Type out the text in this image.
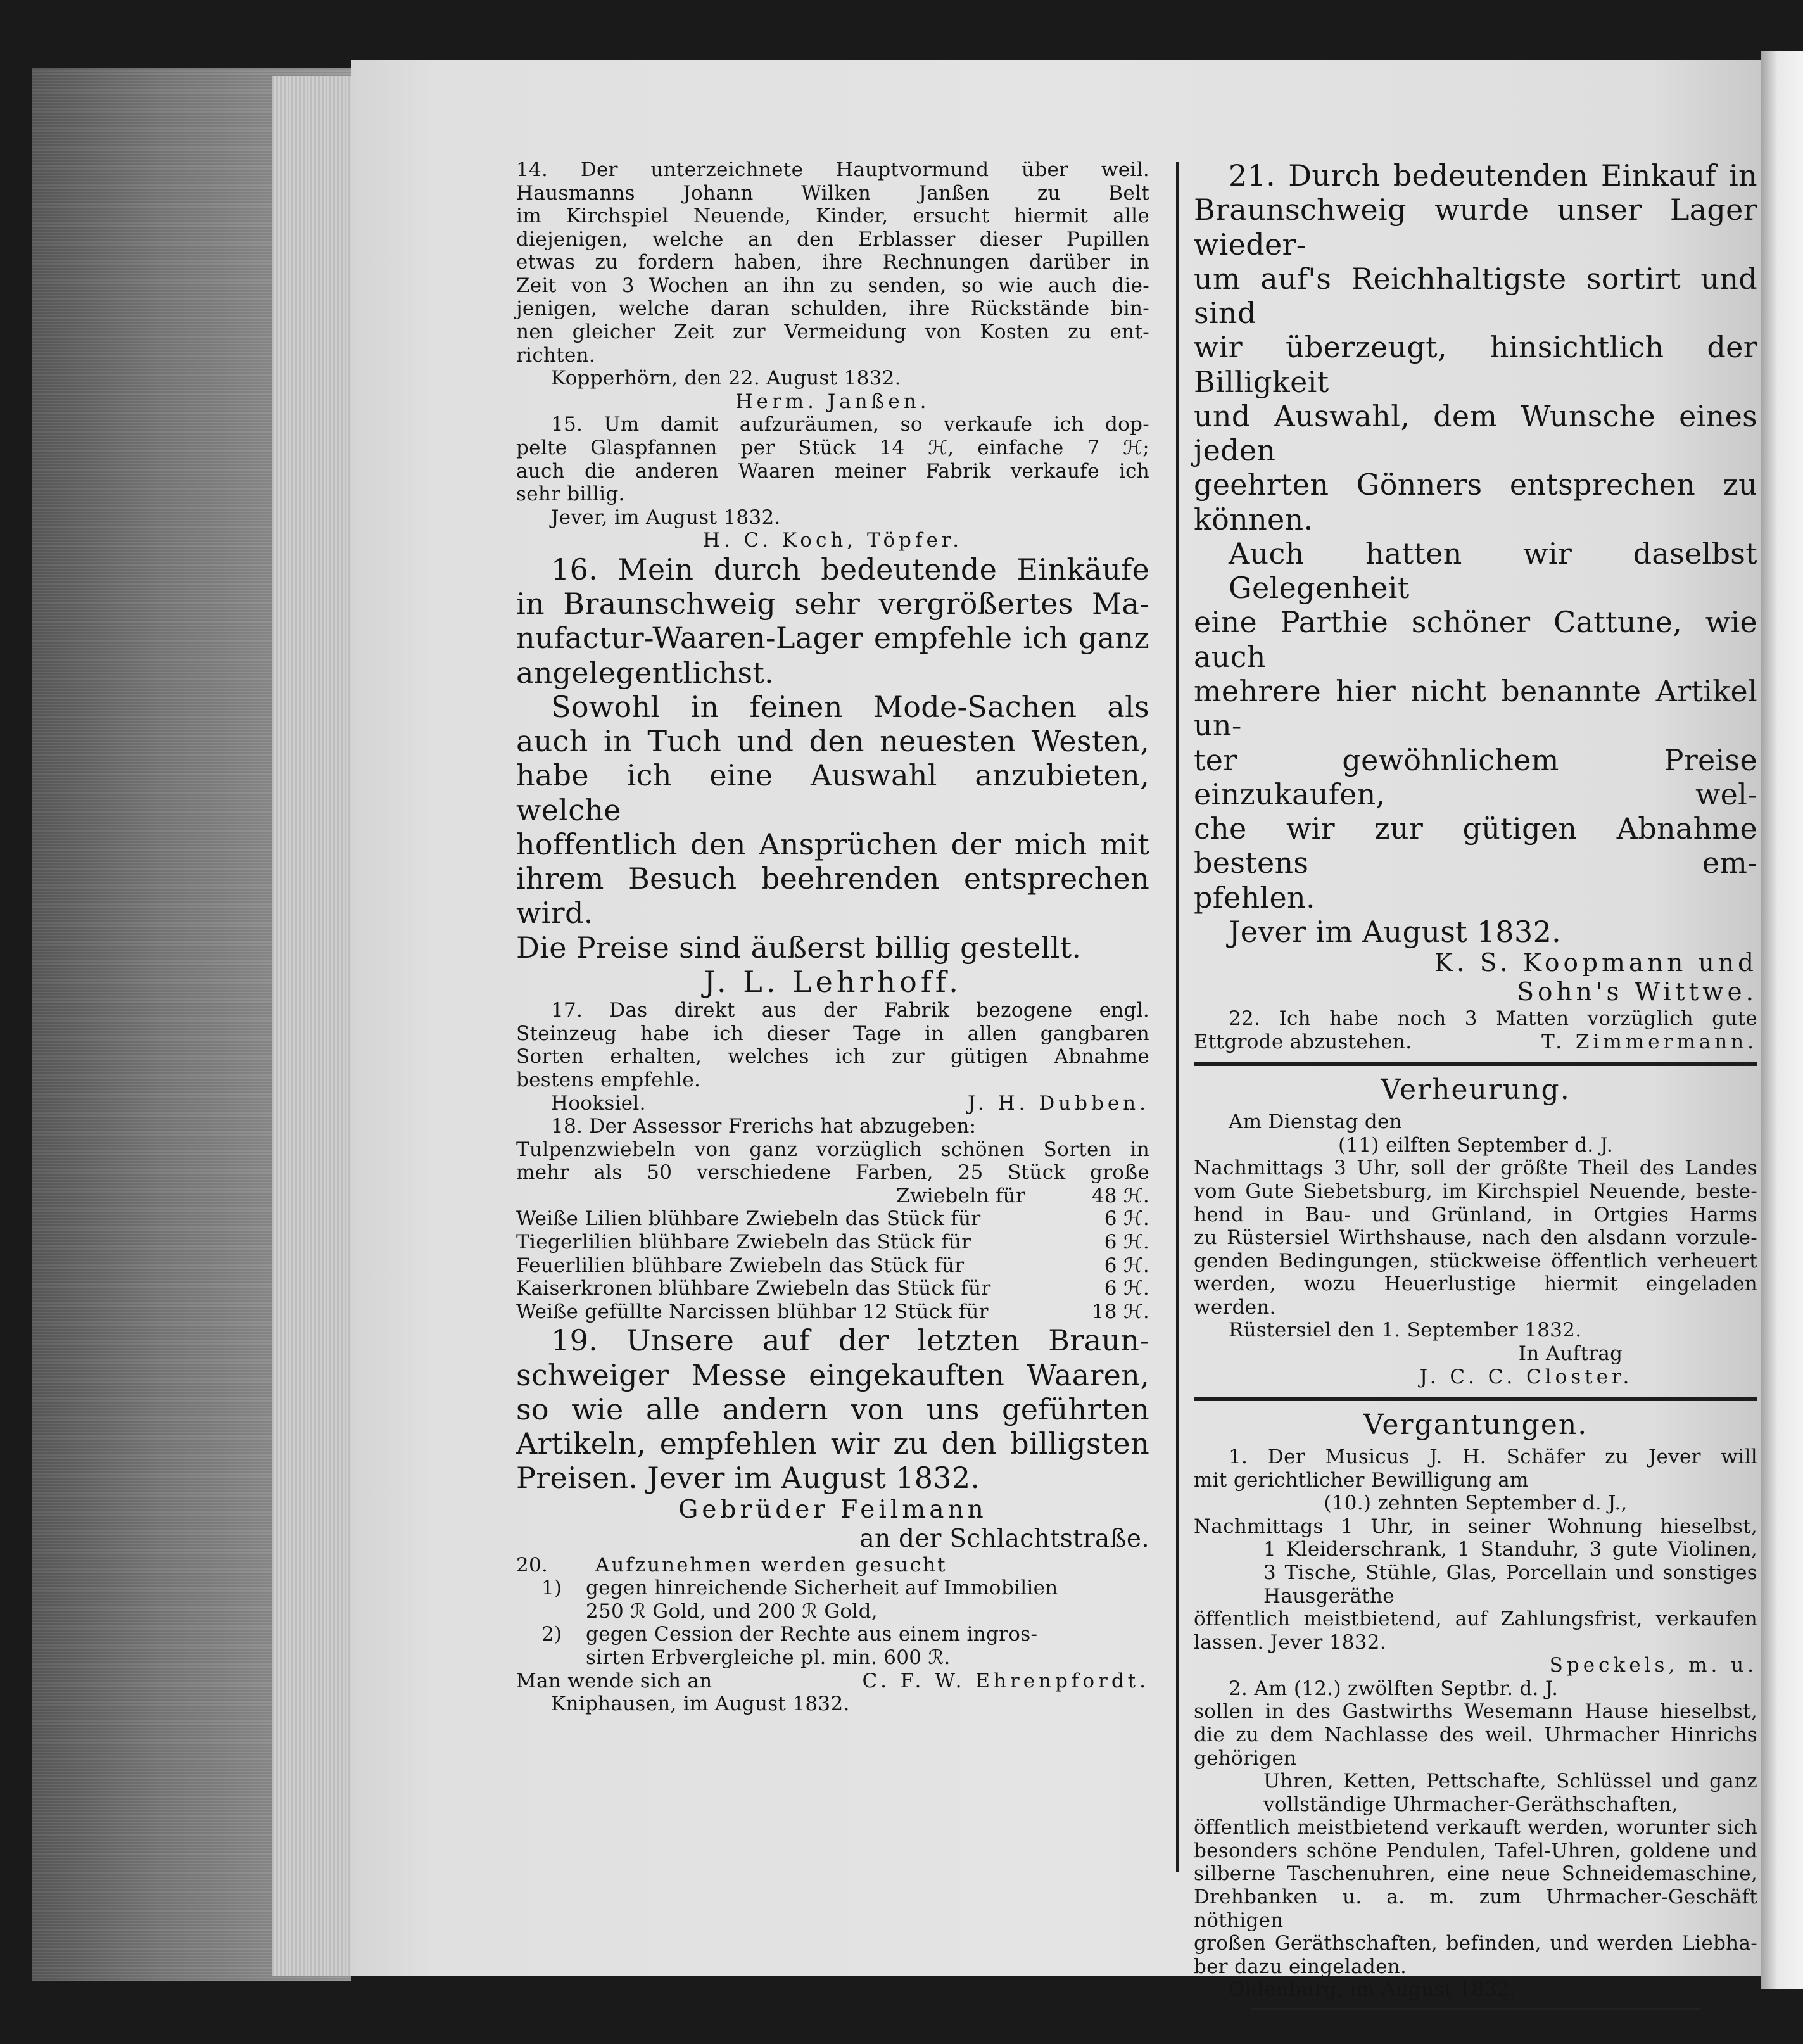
14. Der unterzeichnete Hauptvormund über weil.

Hausmanns Johann Wilken Janßen zu Belt

im Kirchspiel Neuende, Kinder, ersucht hiermit alle

diejenigen, welche an den Erblasser dieser Pupillen

etwas zu fordern haben, ihre Rechnungen darüber in

Zeit von 3 Wochen an ihn zu senden, so wie auch die-

jenigen, welche daran schulden, ihre Rückstände bin-

nen gleicher Zeit zur Vermeidung von Kosten zu ent-

richten.

Kopperhörn, den 22. August 1832.

Herm. Janßen.

15. Um damit aufzuräumen, so verkaufe ich dop-

pelte Glaspfannen per Stück 14 ℋ, einfache 7 ℋ;

auch die anderen Waaren meiner Fabrik verkaufe ich

sehr billig.

Jever, im August 1832.

H. C. Koch, Töpfer.

16. Mein durch bedeutende Einkäufe

in Braunschweig sehr vergrößertes Ma-

nufactur-Waaren-Lager empfehle ich ganz

angelegentlichst.

Sowohl in feinen Mode-Sachen als

auch in Tuch und den neuesten Westen,

habe ich eine Auswahl anzubieten, welche

hoffentlich den Ansprüchen der mich mit

ihrem Besuch beehrenden entsprechen wird.

Die Preise sind äußerst billig gestellt.

J. L. Lehrhoff.

17. Das direkt aus der Fabrik bezogene engl.

Steinzeug habe ich dieser Tage in allen gangbaren

Sorten erhalten, welches ich zur gütigen Abnahme

bestens empfehle.

Hooksiel.	J. H. Dubben.

18. Der Assessor Frerichs hat abzugeben:

Tulpenzwiebeln von ganz vorzüglich schönen Sorten in

mehr als 50 verschiedene Farben, 25 Stück große

Zwiebeln für	48 ℋ.
Weiße Lilien blühbare Zwiebeln das Stück für	6 ℋ.
Tiegerlilien blühbare Zwiebeln das Stück für	6 ℋ.
Feuerlilien blühbare Zwiebeln das Stück für	6 ℋ.
Kaiserkronen blühbare Zwiebeln das Stück für	6 ℋ.
Weiße gefüllte Narcissen blühbar 12 Stück für	18 ℋ.

19. Unsere auf der letzten Braun-

schweiger Messe eingekauften Waaren,

so wie alle andern von uns geführten

Artikeln, empfehlen wir zu den billigsten

Preisen. Jever im August 1832.

Gebrüder Feilmann

an der Schlachtstraße.

20.	Aufzunehmen werden gesucht
1)	gegen hinreichende Sicherheit auf Immobilien
250 ℛ Gold, und 200 ℛ Gold,
2)	gegen Cession der Rechte aus einem ingros-
sirten Erbvergleiche pl. min. 600 ℛ.
Man wende sich an	C. F. W. Ehrenpfordt.

Kniphausen, im August 1832.

21. Durch bedeutenden Einkauf in

Braunschweig wurde unser Lager wieder-

um auf's Reichhaltigste sortirt und sind

wir überzeugt, hinsichtlich der Billigkeit

und Auswahl, dem Wunsche eines jeden

geehrten Gönners entsprechen zu können.

Auch hatten wir daselbst Gelegenheit

eine Parthie schöner Cattune, wie auch

mehrere hier nicht benannte Artikel un-

ter gewöhnlichem Preise einzukaufen, wel-

che wir zur gütigen Abnahme bestens em-

pfehlen.

Jever im August 1832.

K. S. Koopmann und

Sohn's Wittwe.

22. Ich habe noch 3 Matten vorzüglich gute

Ettgrode abzustehen.	T. Zimmermann.
Verheurung.

Am Dienstag den

(11) eilften September d. J.

Nachmittags 3 Uhr, soll der größte Theil des Landes

vom Gute Siebetsburg, im Kirchspiel Neuende, beste-

hend in Bau- und Grünland, in Ortgies Harms

zu Rüstersiel Wirthshause, nach den alsdann vorzule-

genden Bedingungen, stückweise öffentlich verheuert

werden, wozu Heuerlustige hiermit eingeladen werden.

Rüstersiel den 1. September 1832.

In Auftrag

J. C. C. Closter.

Vergantungen.

1. Der Musicus J. H. Schäfer zu Jever will

mit gerichtlicher Bewilligung am

(10.) zehnten September d. J.,

Nachmittags 1 Uhr, in seiner Wohnung hieselbst,

1 Kleiderschrank, 1 Standuhr, 3 gute Violinen,

3 Tische, Stühle, Glas, Porcellain und sonstiges

Hausgeräthe

öffentlich meistbietend, auf Zahlungsfrist, verkaufen

lassen. Jever 1832.

Speckels, m. u.

2. Am (12.) zwölften Septbr. d. J.

sollen in des Gastwirths Wesemann Hause hieselbst,

die zu dem Nachlasse des weil. Uhrmacher Hinrichs

gehörigen

Uhren, Ketten, Pettschafte, Schlüssel und ganz

vollständige Uhrmacher-Geräthschaften,

öffentlich meistbietend verkauft werden, worunter sich

besonders schöne Pendulen, Tafel-Uhren, goldene und

silberne Taschenuhren, eine neue Schneidemaschine,

Drehbanken u. a. m. zum Uhrmacher-Geschäft nöthigen

großen Geräthschaften, befinden, und werden Liebha-

ber dazu eingeladen.

Oldenburg, im August 1832.
